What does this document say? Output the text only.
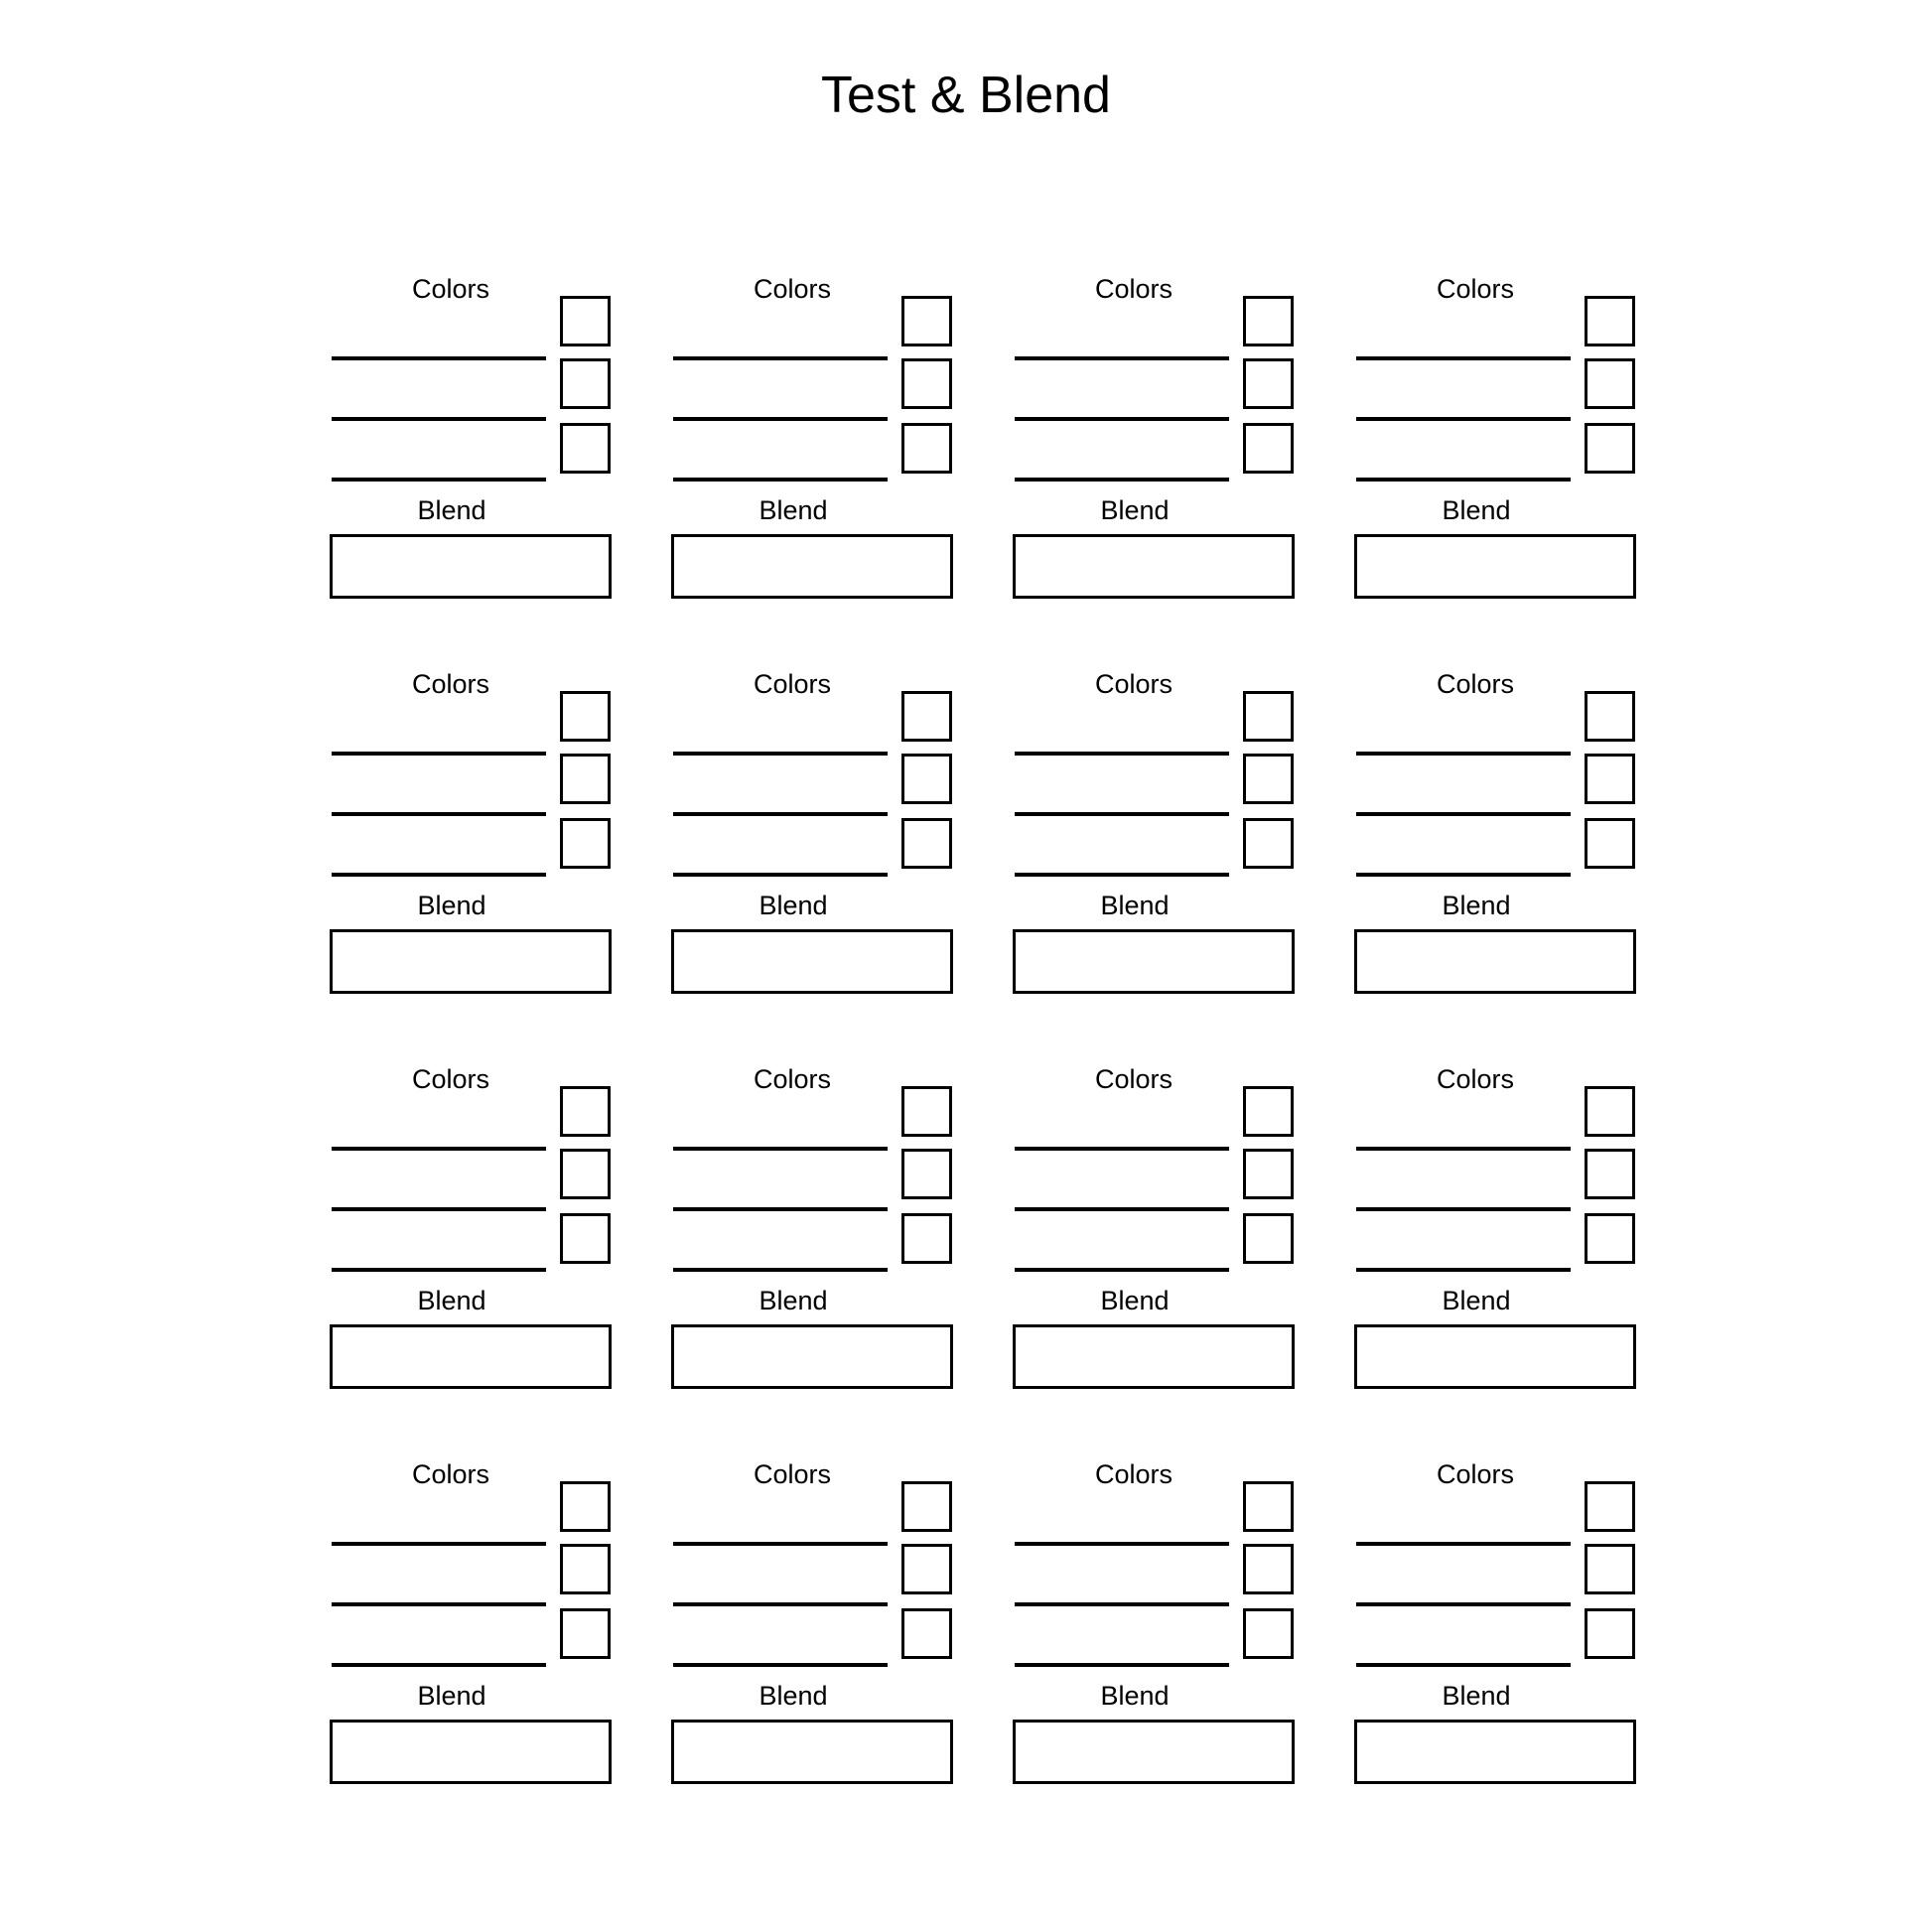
Test & Blend
Colors
Blend
Colors
Blend
Colors
Blend
Colors
Blend
Colors
Blend
Colors
Blend
Colors
Blend
Colors
Blend
Colors
Blend
Colors
Blend
Colors
Blend
Colors
Blend
Colors
Blend
Colors
Blend
Colors
Blend
Colors
Blend
